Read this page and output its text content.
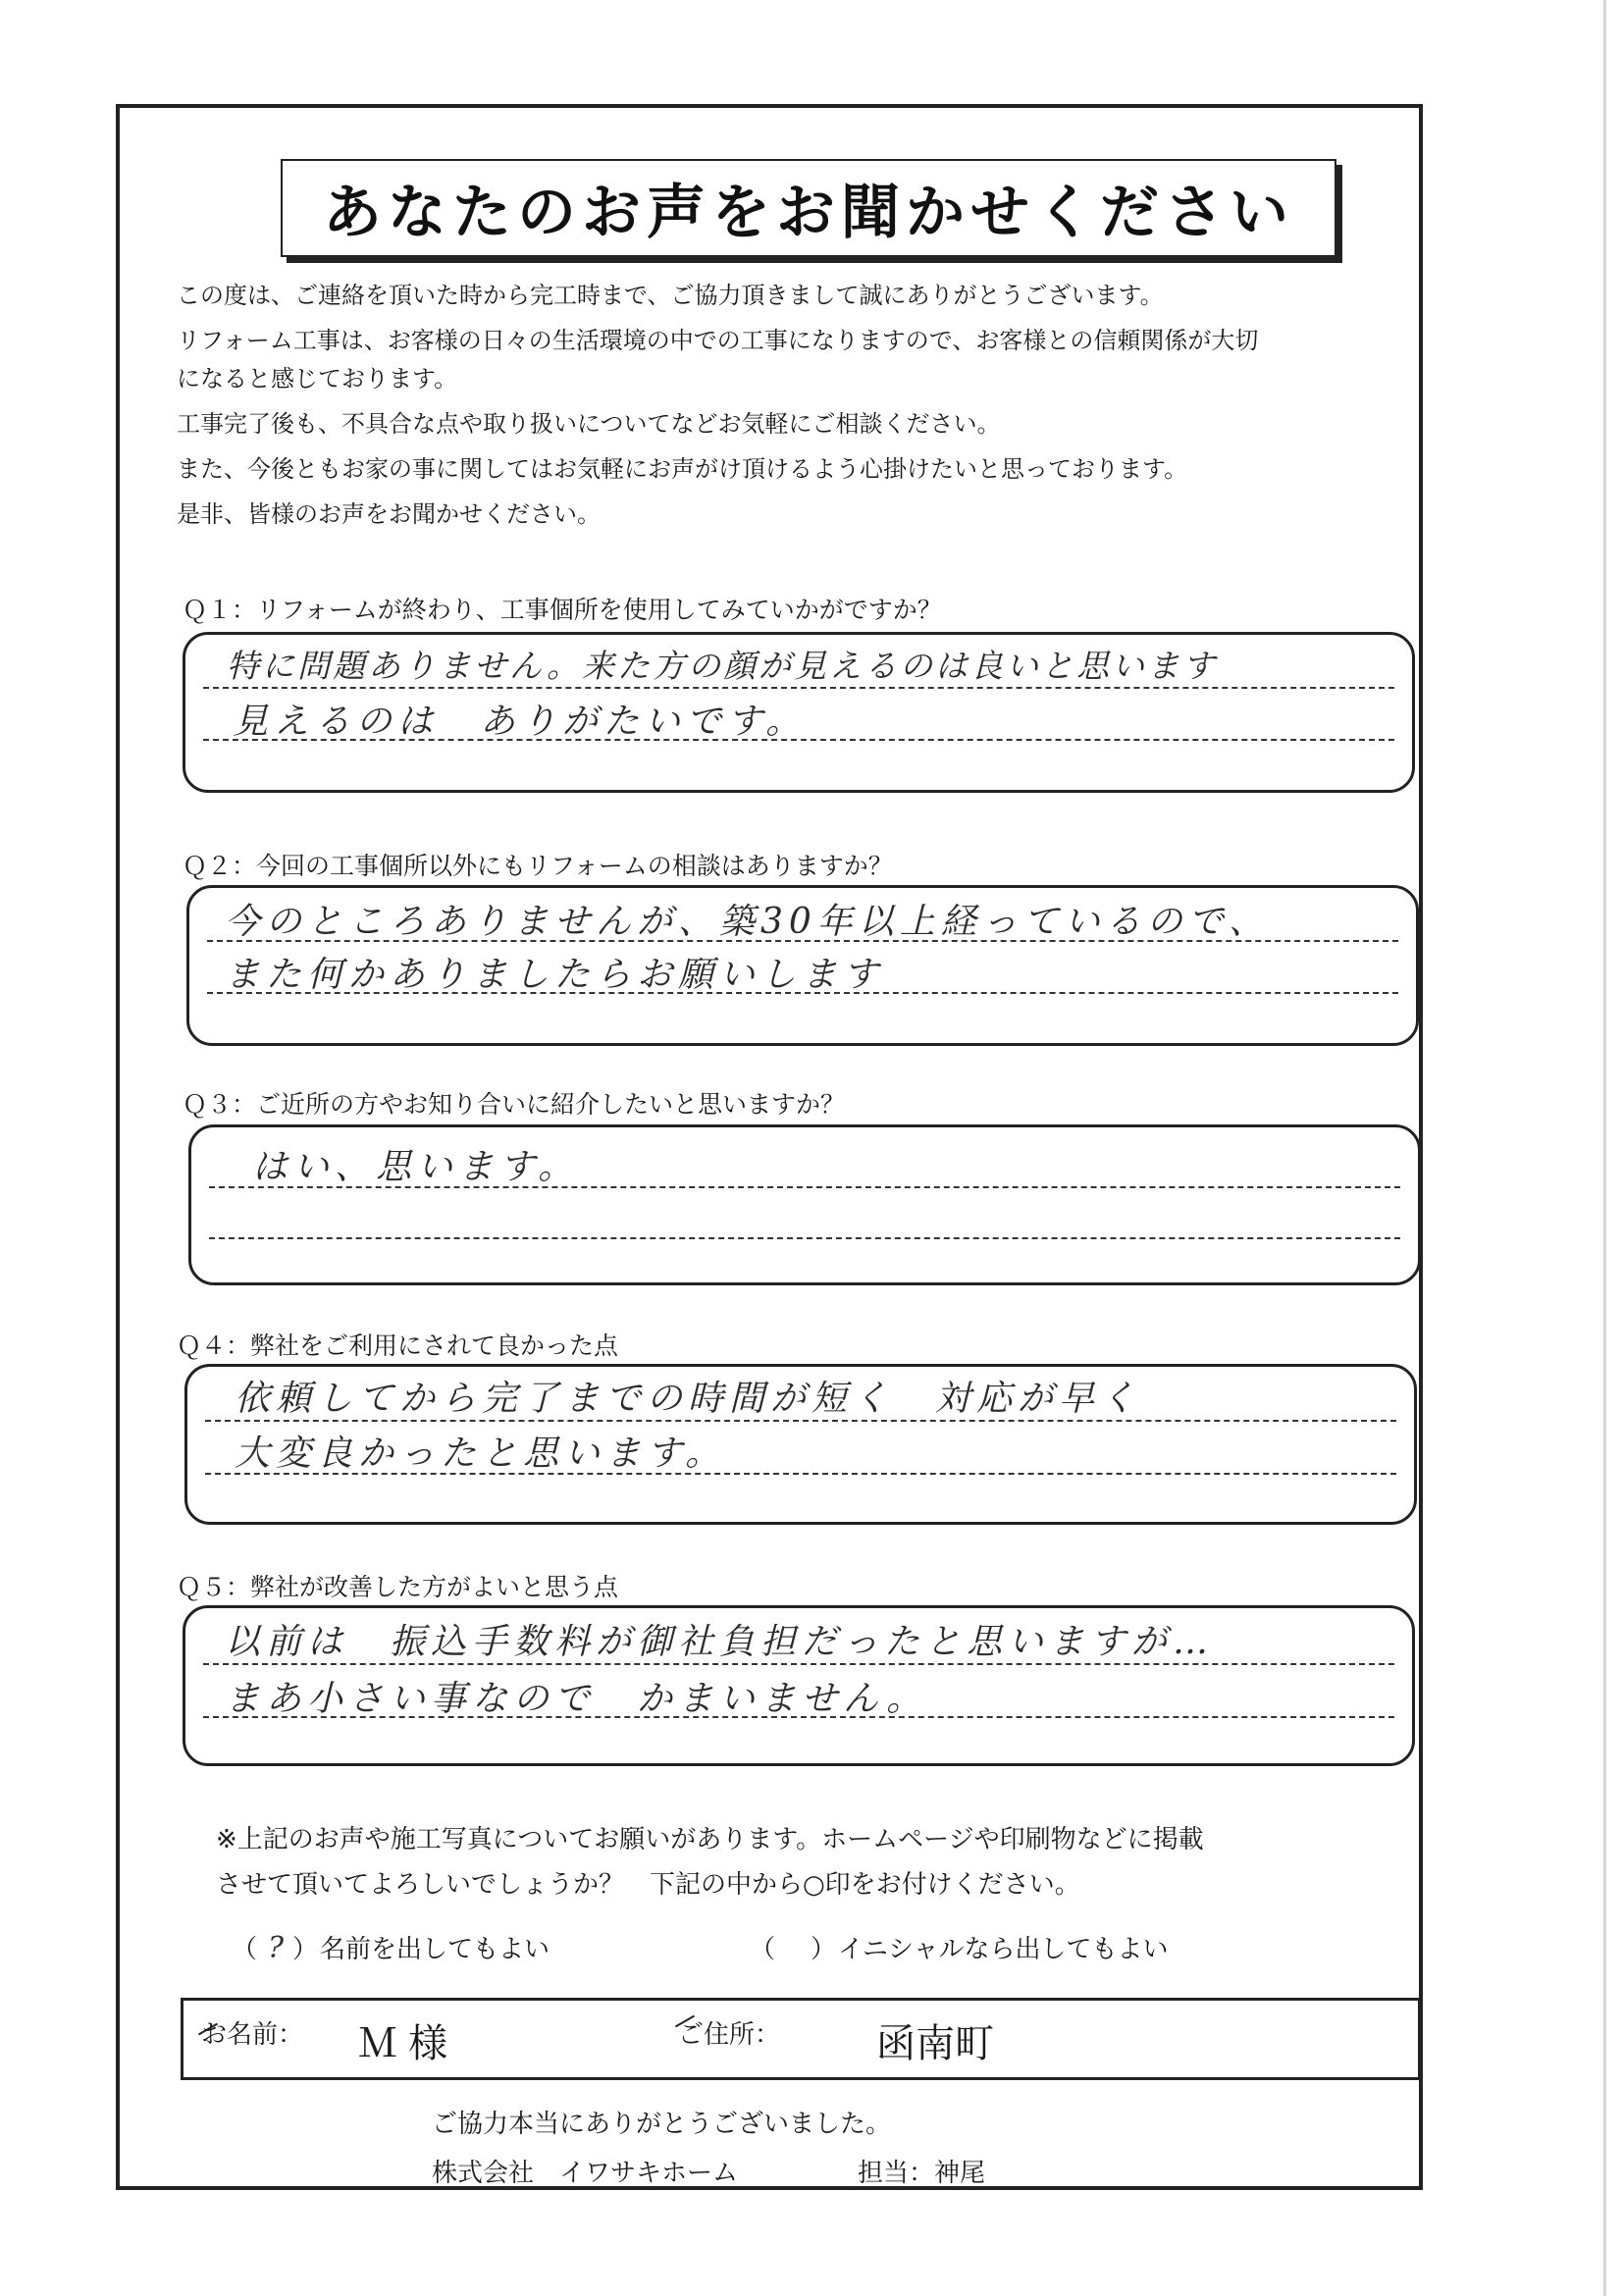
あなたのお声をお聞かせください

この度は、ご連絡を頂いた時から完工時まで、ご協力頂きまして誠にありがとうございます。

リフォーム工事は、お客様の日々の生活環境の中での工事になりますので、お客様との信頼関係が大切

になると感じております。

工事完了後も、不具合な点や取り扱いについてなどお気軽にご相談ください。

また、今後ともお家の事に関してはお気軽にお声がけ頂けるよう心掛けたいと思っております。

是非、皆様のお声をお聞かせください。

Ｑ１：リフォームが終わり、工事個所を使用してみていかがですか？
特に問題ありません。来た方の顔が見えるのは良いと思います
見えるのは　ありがたいです。
Ｑ２：今回の工事個所以外にもリフォームの相談はありますか？
今のところありませんが、築30年以上経っているので、
また何かありましたらお願いします
Ｑ３：ご近所の方やお知り合いに紹介したいと思いますか？
はい、思います。
Ｑ４：弊社をご利用にされて良かった点
依頼してから完了までの時間が短く　対応が早く
大変良かったと思います。
Ｑ５：弊社が改善した方がよいと思う点
以前は　振込手数料が御社負担だったと思いますが…
まあ小さい事なので　かまいません。

※上記のお声や施工写真についてお願いがあります。ホームページや印刷物などに掲載

させて頂いてよろしいでしょうか？　下記の中から○印をお付けください。

（ ? ）名前を出してもよい	（ ）イニシャルなら出してもよい
お名前： Ｍ 様	ご住所： 函南町
ご協力本当にありがとうございました。
株式会社　イワサキホーム	担当：神尾
